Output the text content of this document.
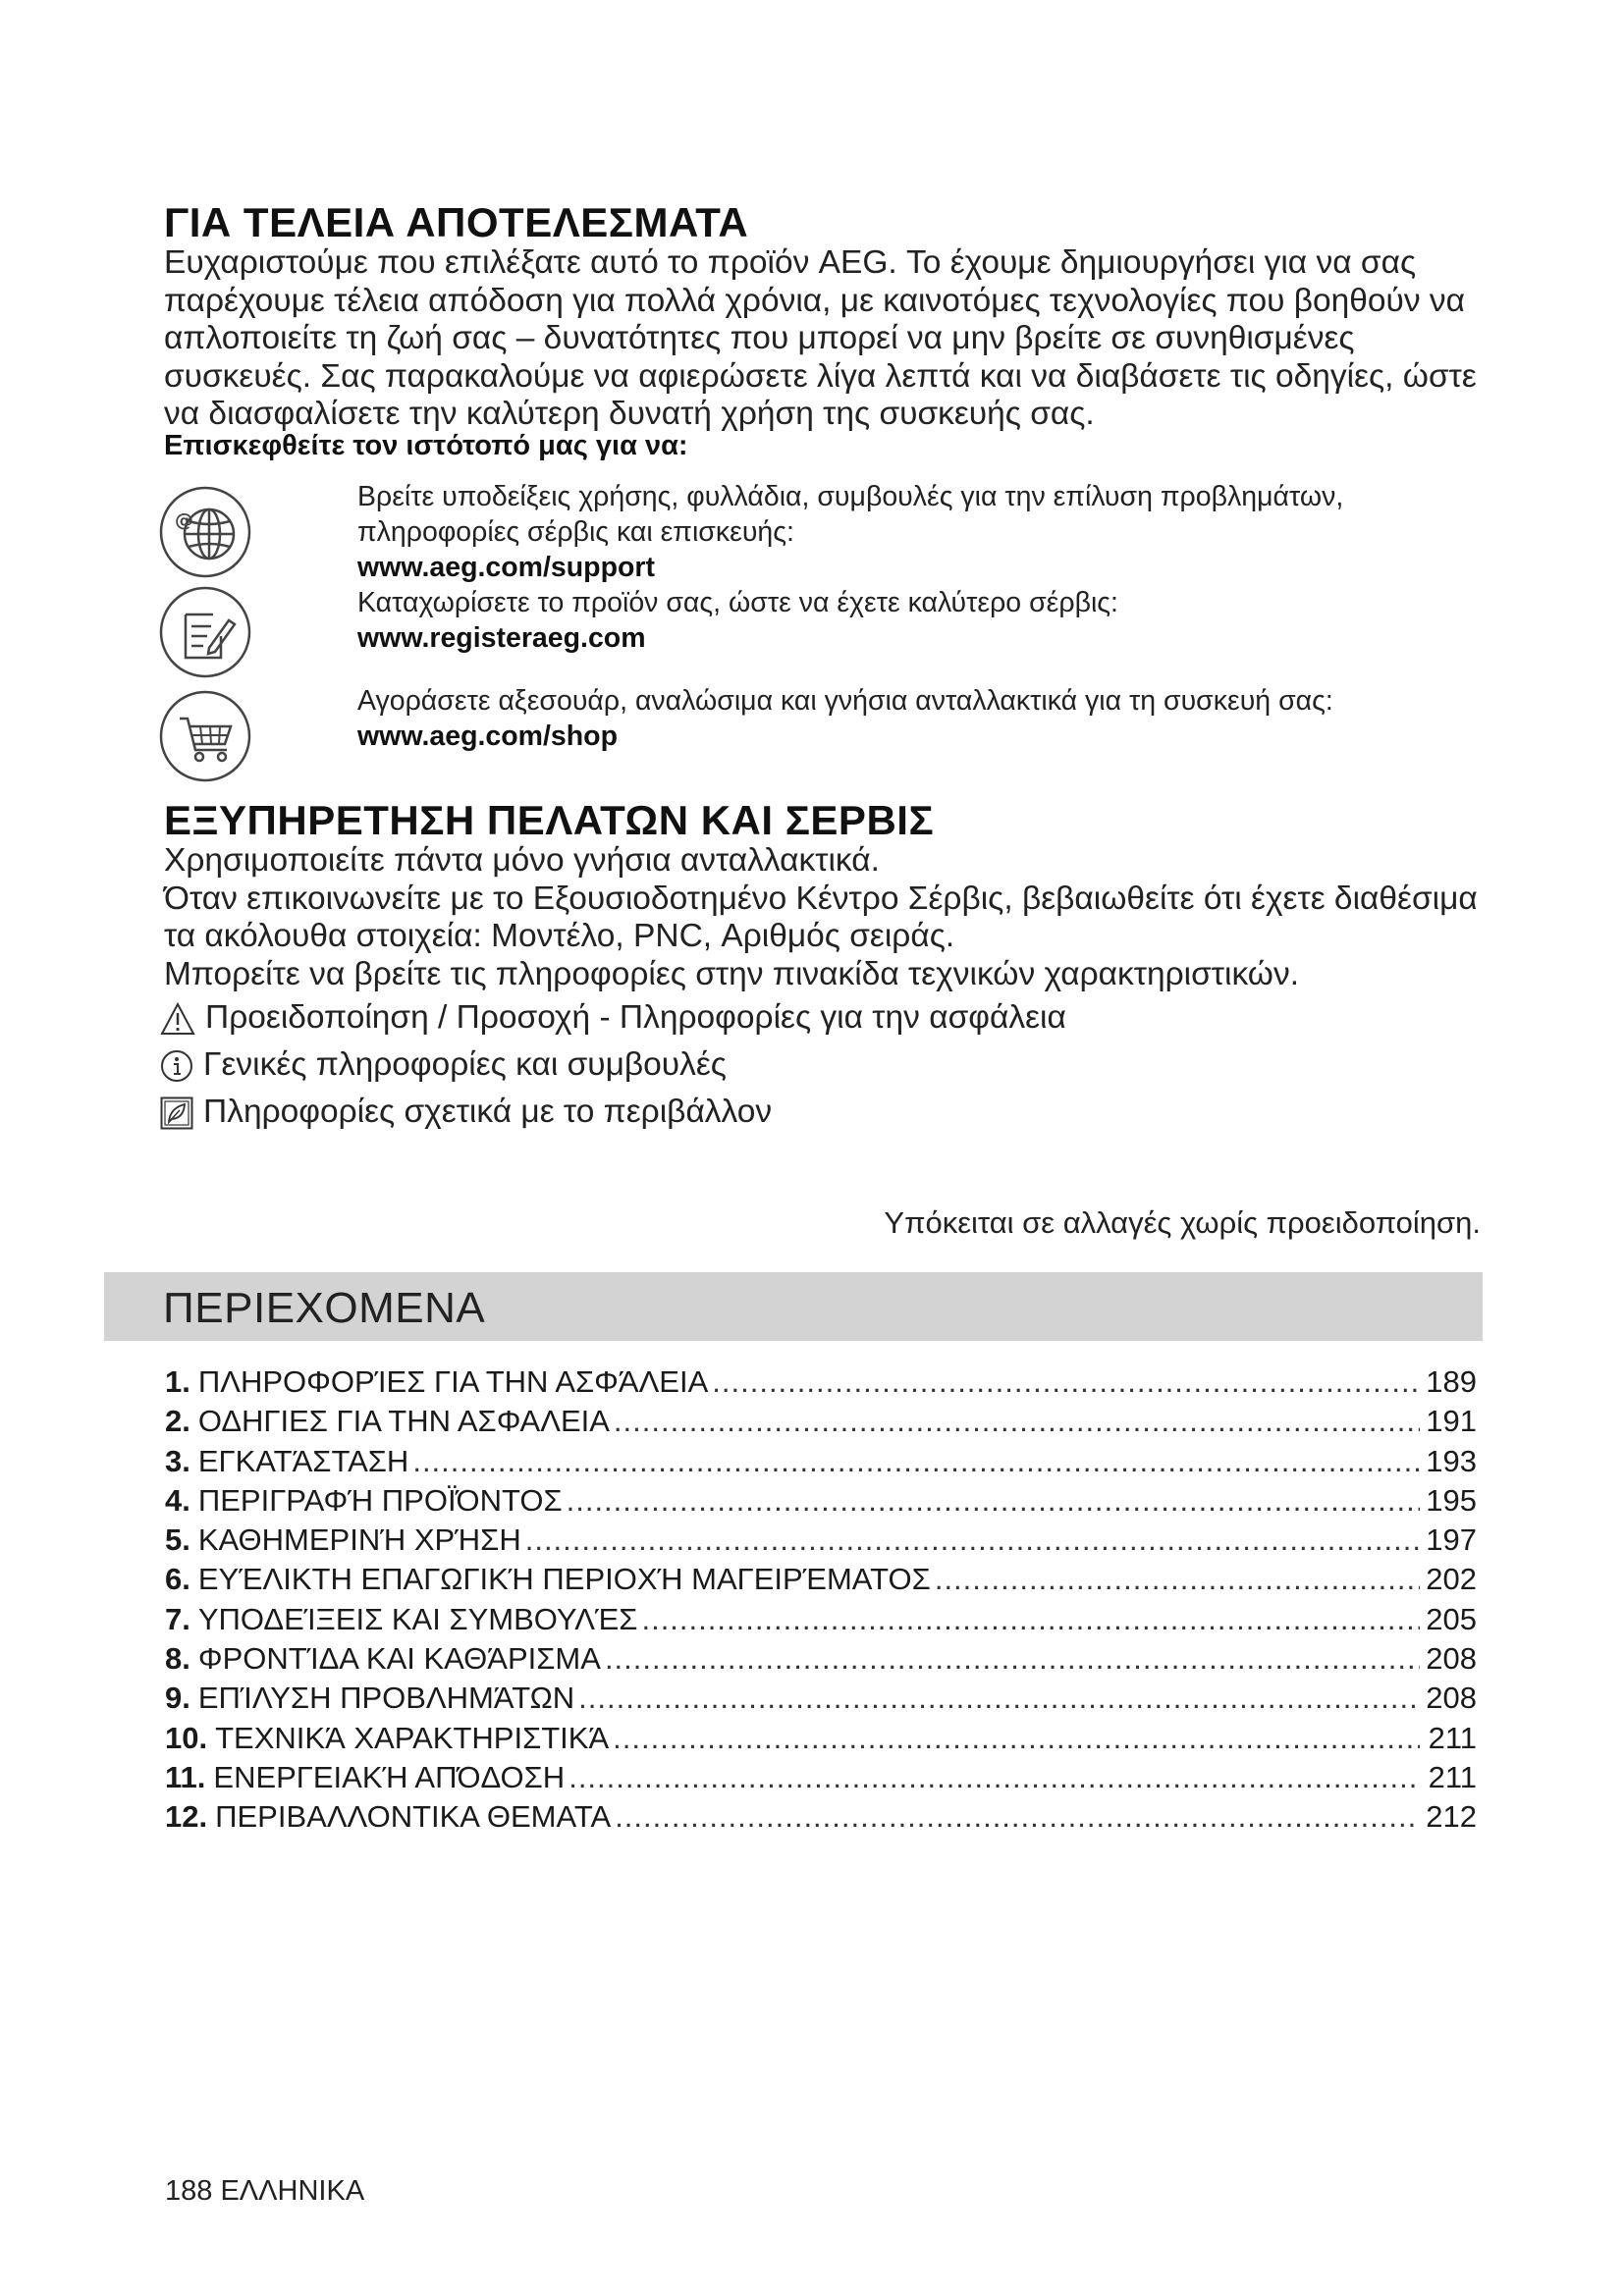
ΓΙΑ ΤΕΛΕΙΑ ΑΠΟΤΕΛΕΣΜΑΤΑ
Ευχαριστούμε που επιλέξατε αυτό το προϊόν AEG. Το έχουμε δημιουργήσει για να σας
παρέχουμε τέλεια απόδοση για πολλά χρόνια, με καινοτόμες τεχνολογίες που βοηθούν να
απλοποιείτε τη ζωή σας – δυνατότητες που μπορεί να μην βρείτε σε συνηθισμένες
συσκευές. Σας παρακαλούμε να αφιερώσετε λίγα λεπτά και να διαβάσετε τις οδηγίες, ώστε
να διασφαλίσετε την καλύτερη δυνατή χρήση της συσκευής σας.
Επισκεφθείτε τον ιστότοπό μας για να:
@
Βρείτε υποδείξεις χρήσης, φυλλάδια, συμβουλές για την επίλυση προβλημάτων,
πληροφορίες σέρβις και επισκευής:
www.aeg.com/support
Καταχωρίσετε το προϊόν σας, ώστε να έχετε καλύτερο σέρβις:
www.registeraeg.com
Αγοράσετε αξεσουάρ, αναλώσιμα και γνήσια ανταλλακτικά για τη συσκευή σας:
www.aeg.com/shop
ΕΞΥΠΗΡΕΤΗΣΗ ΠΕΛΑΤΩΝ ΚΑΙ ΣΕΡΒΙΣ
Χρησιμοποιείτε πάντα μόνο γνήσια ανταλλακτικά.
Όταν επικοινωνείτε με το Εξουσιοδοτημένο Κέντρο Σέρβις, βεβαιωθείτε ότι έχετε διαθέσιμα
τα ακόλουθα στοιχεία: Μοντέλο, PNC, Αριθμός σειράς.
Μπορείτε να βρείτε τις πληροφορίες στην πινακίδα τεχνικών χαρακτηριστικών.
Προειδοποίηση / Προσοχή - Πληροφορίες για την ασφάλεια
Γενικές πληροφορίες και συμβουλές
Πληροφορίες σχετικά με το περιβάλλον
Υπόκειται σε αλλαγές χωρίς προειδοποίηση.
ΠΕΡΙΕΧΟΜΕΝΑ
1. ΠΛΗΡΟΦΟΡΊΕΣ ΓΙΑ ΤΗΝ ΑΣΦΆΛΕΙΑ .....	189
2. ΟΔΗΓΙΕΣ ΓΙΑ ΤΗΝ ΑΣΦΑΛΕΙΑ .....	191
3. ΕΓΚΑΤΆΣΤΑΣΗ .....	193
4. ΠΕΡΙΓΡΑΦΉ ΠΡΟΪΌΝΤΟΣ .....	195
5. ΚΑΘΗΜΕΡΙΝΉ ΧΡΉΣΗ .....	197
6. ΕΥΈΛΙΚΤΗ ΕΠΑΓΩΓΙΚΉ ΠΕΡΙΟΧΉ ΜΑΓΕΙΡΈΜΑΤΟΣ .....	202
7. ΥΠΟΔΕΊΞΕΙΣ ΚΑΙ ΣΥΜΒΟΥΛΈΣ .....	205
8. ΦΡΟΝΤΊΔΑ ΚΑΙ ΚΑΘΆΡΙΣΜΑ .....	208
9. ΕΠΊΛΥΣΗ ΠΡΟΒΛΗΜΆΤΩΝ .....	208
10. ΤΕΧΝΙΚΆ ΧΑΡΑΚΤΗΡΙΣΤΙΚΆ .....	211
11. ΕΝΕΡΓΕΙΑΚΉ ΑΠΌΔΟΣΗ .....	211
12. ΠΕΡΙΒΑΛΛΟΝΤΙΚΑ ΘΕΜΑΤΑ .....	212
188 ΕΛΛΗΝΙΚΑ
